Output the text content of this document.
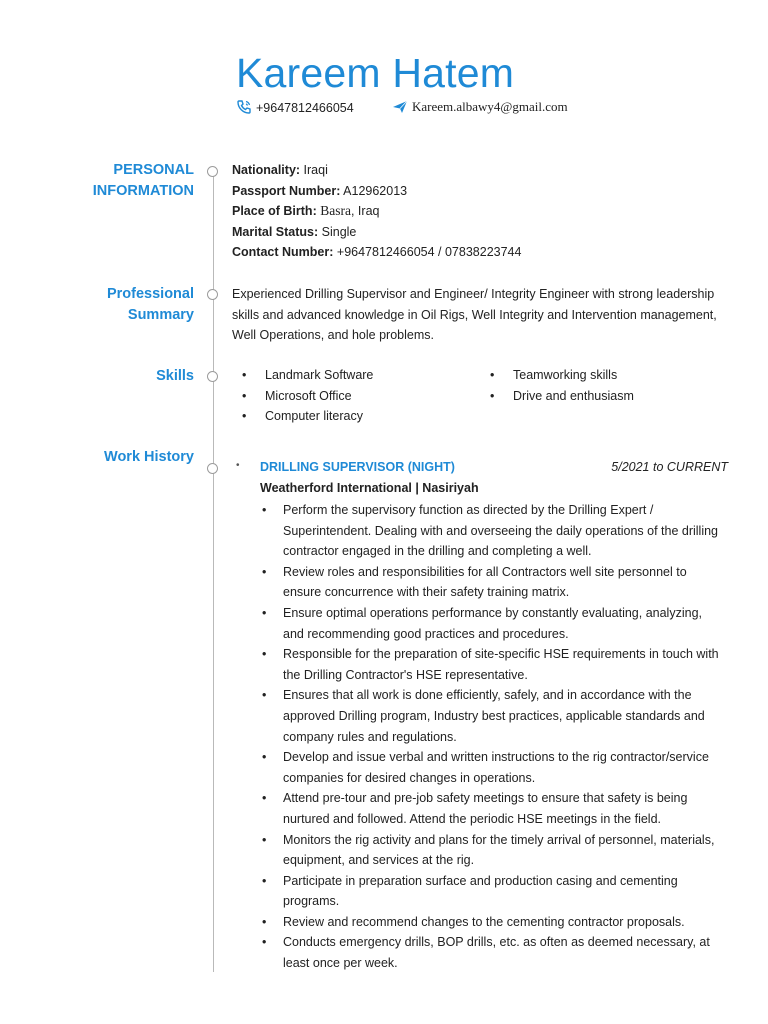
Kareem Hatem
+9647812466054	Kareem.albawy4@gmail.com
PERSONAL
INFORMATION
Nationality: Iraqi
Passport Number: A12962013
Place of Birth: Basra, Iraq
Marital Status: Single
Contact Number: +9647812466054 / 07838223744
Professional
Summary
Experienced Drilling Supervisor and Engineer/ Integrity Engineer with strong leadership
skills and advanced knowledge in Oil Rigs, Well Integrity and Intervention management,
Well Operations, and hole problems.
Skills
•	Landmark Software
• Microsoft Office
• Computer literacy
• Teamworking skills
• Drive and enthusiasm
Work History
• DRILLING SUPERVISOR (NIGHT)	5/2021 to CURRENT
Weatherford International | Nasiriyah
• Perform the supervisory function as directed by the Drilling Expert /
Superintendent. Dealing with and overseeing the daily operations of the drilling
contractor engaged in the drilling and completing a well.
• Review roles and responsibilities for all Contractors well site personnel to
ensure concurrence with their safety training matrix.
• Ensure optimal operations performance by constantly evaluating, analyzing,
and recommending good practices and procedures.
• Responsible for the preparation of site-specific HSE requirements in touch with
the Drilling Contractor's HSE representative.
• Ensures that all work is done efficiently, safely, and in accordance with the
approved Drilling program, Industry best practices, applicable standards and
company rules and regulations.
• Develop and issue verbal and written instructions to the rig contractor/service
companies for desired changes in operations.
• Attend pre-tour and pre-job safety meetings to ensure that safety is being
nurtured and followed. Attend the periodic HSE meetings in the field.
• Monitors the rig activity and plans for the timely arrival of personnel, materials,
equipment, and services at the rig.
• Participate in preparation surface and production casing and cementing
programs.
• Review and recommend changes to the cementing contractor proposals.
• Conducts emergency drills, BOP drills, etc. as often as deemed necessary, at
least once per week.
